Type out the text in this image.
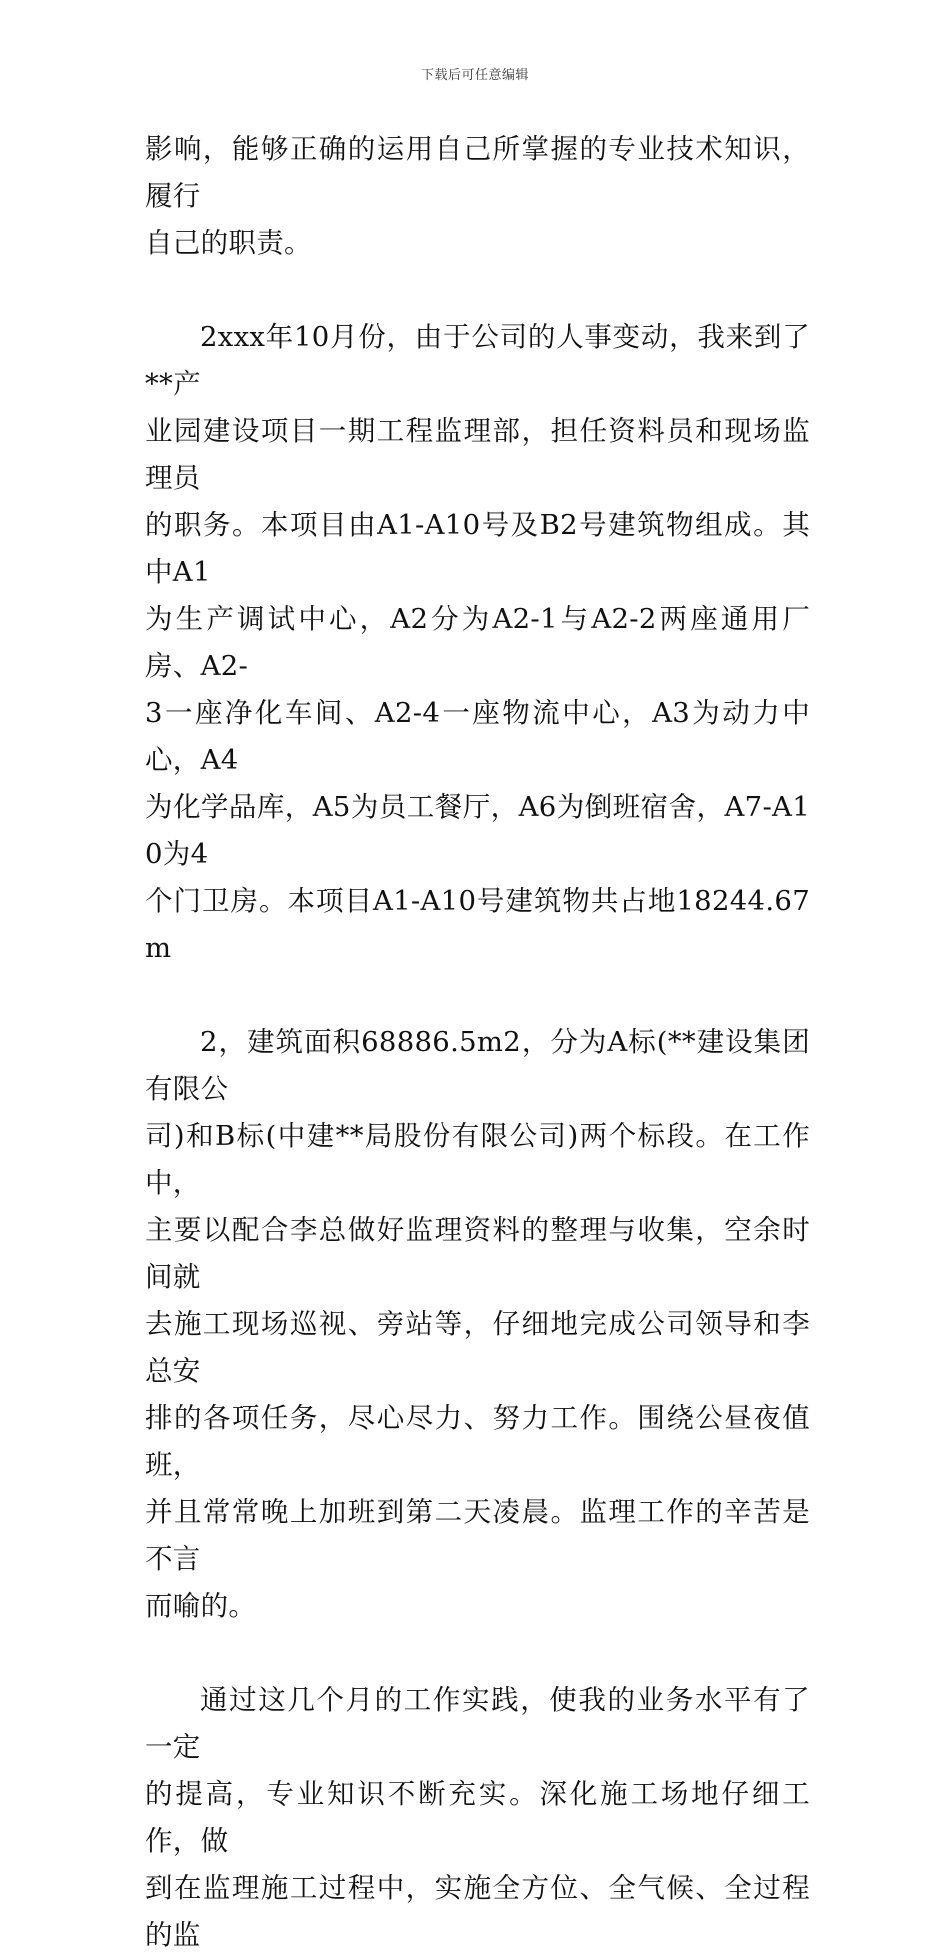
下载后可任意编辑
影响，能够正确的运用自己所掌握的专业技术知识，履行
自己的职责。
2xxx年10月份，由于公司的人事变动，我来到了**产
业园建设项目一期工程监理部，担任资料员和现场监理员
的职务。本项目由A1-A10号及B2号建筑物组成。其中A1
为生产调试中心，A2分为A2-1与A2-2两座通用厂房、A2-
3一座净化车间、A2-4一座物流中心，A3为动力中心，A4
为化学品库，A5为员工餐厅，A6为倒班宿舍，A7-A10为4
个门卫房。本项目A1-A10号建筑物共占地18244.67m
2，建筑面积68886.5m2，分为A标(**建设集团有限公
司)和B标(中建**局股份有限公司)两个标段。在工作中，
主要以配合李总做好监理资料的整理与收集，空余时间就
去施工现场巡视、旁站等，仔细地完成公司领导和李总安
排的各项任务，尽心尽力、努力工作。围绕公昼夜值班，
并且常常晚上加班到第二天凌晨。监理工作的辛苦是不言
而喻的。
通过这几个月的工作实践，使我的业务水平有了一定
的提高，专业知识不断充实。深化施工场地仔细工作，做
到在监理施工过程中，实施全方位、全气候、全过程的监
